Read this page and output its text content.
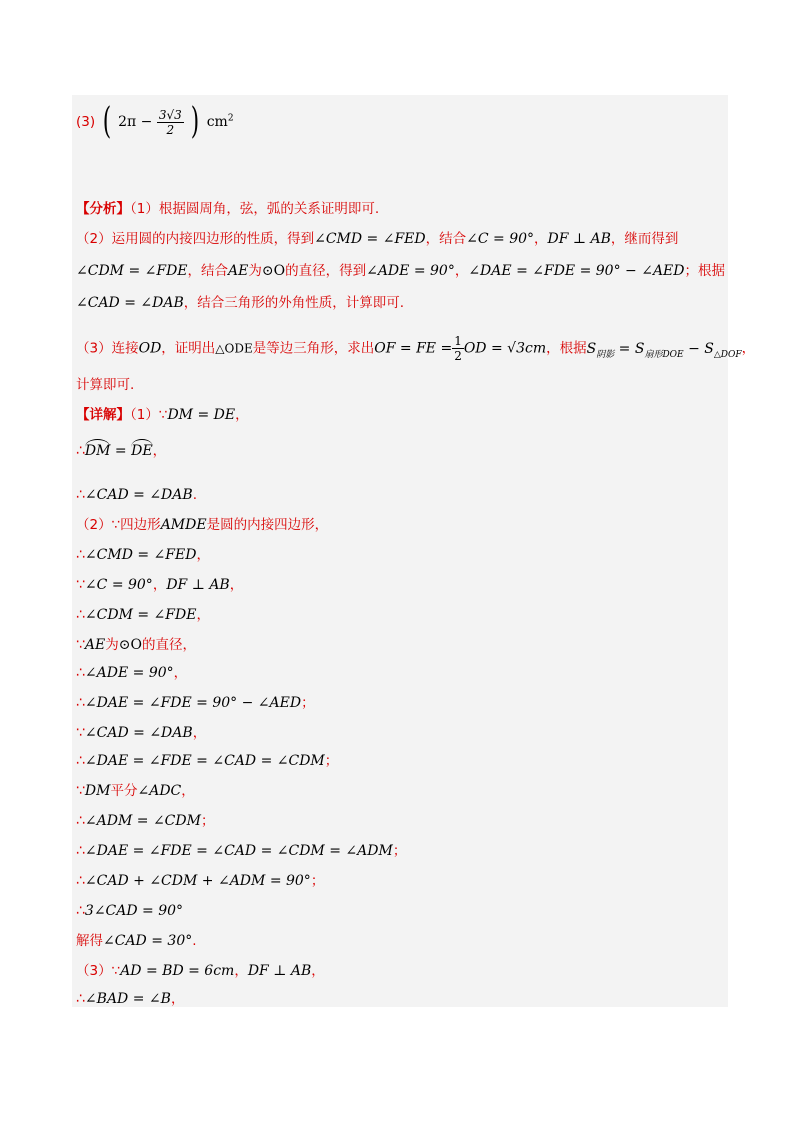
(3) ( $2\pi - \frac{3√3}{2}$ ) $cm^2$
【分析】（1）根据圆周角，弦，弧的关系证明即可.
（2）运用圆的内接四边形的性质，得到∠CMD = ∠FED，结合∠C = 90°，DF ⊥ AB，继而得到
∠CDM = ∠FDE，结合AE为⊙O的直径，得到∠ADE = 90°，∠DAE = ∠FDE = 90° − ∠AED；根据
∠CAD = ∠DAB，结合三角形的外角性质，计算即可.
（3）连接OD，证明出△ODE是等边三角形，求出OF = FE = $\frac{1}{2}$ OD = √3cm，根据$S_{阴影} = S_{扇形DOE} - S_{\triangle DOF}$，
计算即可.
【详解】（1）∵DM = DE，
∴DM = DE，
∴∠CAD = ∠DAB.
（2）∵四边形AMDE是圆的内接四边形，
∴∠CMD = ∠FED，
∵∠C = 90°，DF ⊥ AB，
∴∠CDM = ∠FDE，
∵AE为⊙O的直径，
∴∠ADE = 90°，
∴∠DAE = ∠FDE = 90° − ∠AED；
∵∠CAD = ∠DAB，
∴∠DAE = ∠FDE = ∠CAD = ∠CDM；
∵DM平分∠ADC，
∴∠ADM = ∠CDM；
∴∠DAE = ∠FDE = ∠CAD = ∠CDM = ∠ADM；
∴∠CAD + ∠CDM + ∠ADM = 90°；
∴3∠CAD = 90°
解得∠CAD = 30°.
（3）∵AD = BD = 6cm，DF ⊥ AB，
∴∠BAD = ∠B，
